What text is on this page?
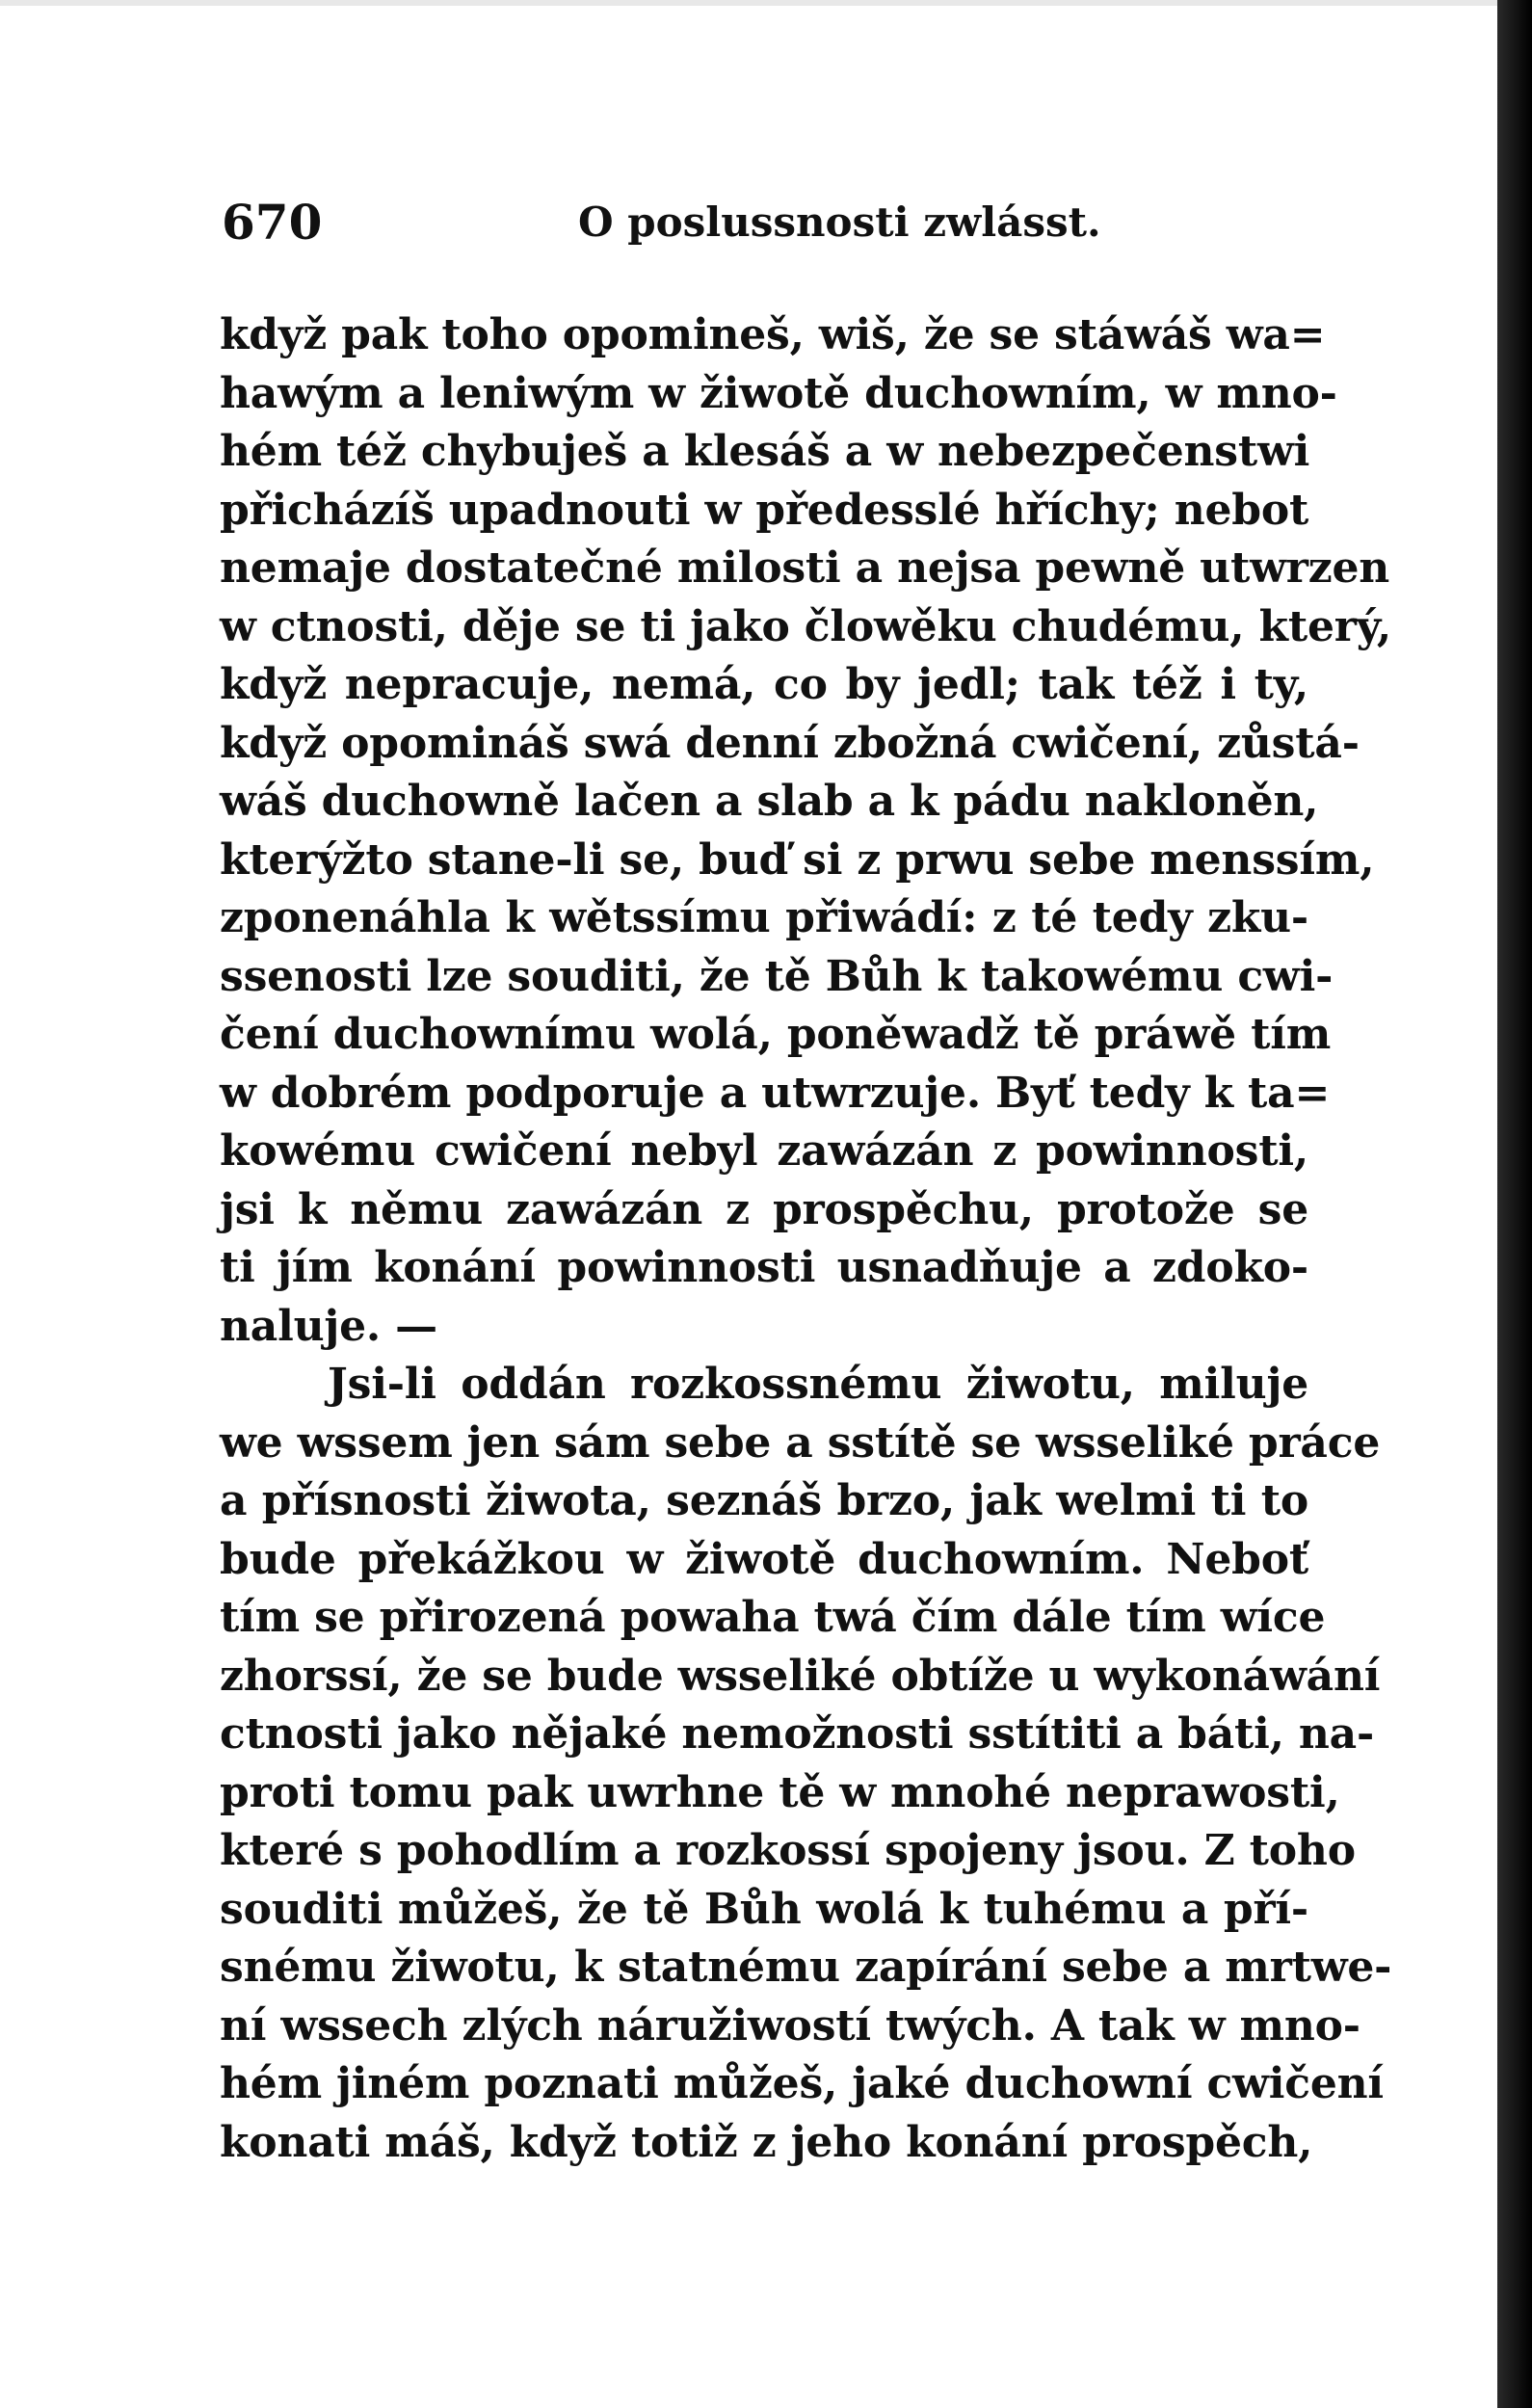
670	O poslussnosti zwlásst.
když pak toho opomineš, wiš, že se stáwáš wa=
hawým a leniwým w žiwotě duchowním, w mno-
hém též chybuješ a klesáš a w nebezpečenstwi
přicházíš upadnouti w předesslé hříchy; nebot
nemaje dostatečné milosti a nejsa pewně utwrzen
w ctnosti, děje se ti jako člowěku chudému, který,
když nepracuje, nemá, co by jedl; tak též i ty,
když opomináš swá denní zbožná cwičení, zůstá-
wáš duchowně lačen a slab a k pádu nakloněn,
kterýžto stane-li se, buď si z prwu sebe menssím,
zponenáhla k wětssímu přiwádí: z té tedy zku-
ssenosti lze souditi, že tě Bůh k takowému cwi-
čení duchownímu wolá, poněwadž tě práwě tím
w dobrém podporuje a utwrzuje. Byť tedy k ta=
kowému cwičení nebyl zawázán z powinnosti,
jsi k němu zawázán z prospěchu, protože se
ti jím konání powinnosti usnadňuje a zdoko-
naluje. —
Jsi-li oddán rozkossnému žiwotu, miluje
we wssem jen sám sebe a sstítě se wsseliké práce
a přísnosti žiwota, seznáš brzo, jak welmi ti to
bude překážkou w žiwotě duchowním. Neboť
tím se přirozená powaha twá čím dále tím wíce
zhorssí, že se bude wsseliké obtíže u wykonáwání
ctnosti jako nějaké nemožnosti sstítiti a báti, na-
proti tomu pak uwrhne tě w mnohé neprawosti,
které s pohodlím a rozkossí spojeny jsou. Z toho
souditi můžeš, že tě Bůh wolá k tuhému a pří-
snému žiwotu, k statnému zapírání sebe a mrtwe-
ní wssech zlých náružiwostí twých. A tak w mno-
hém jiném poznati můžeš, jaké duchowní cwičení
konati máš, když totiž z jeho konání prospěch,
